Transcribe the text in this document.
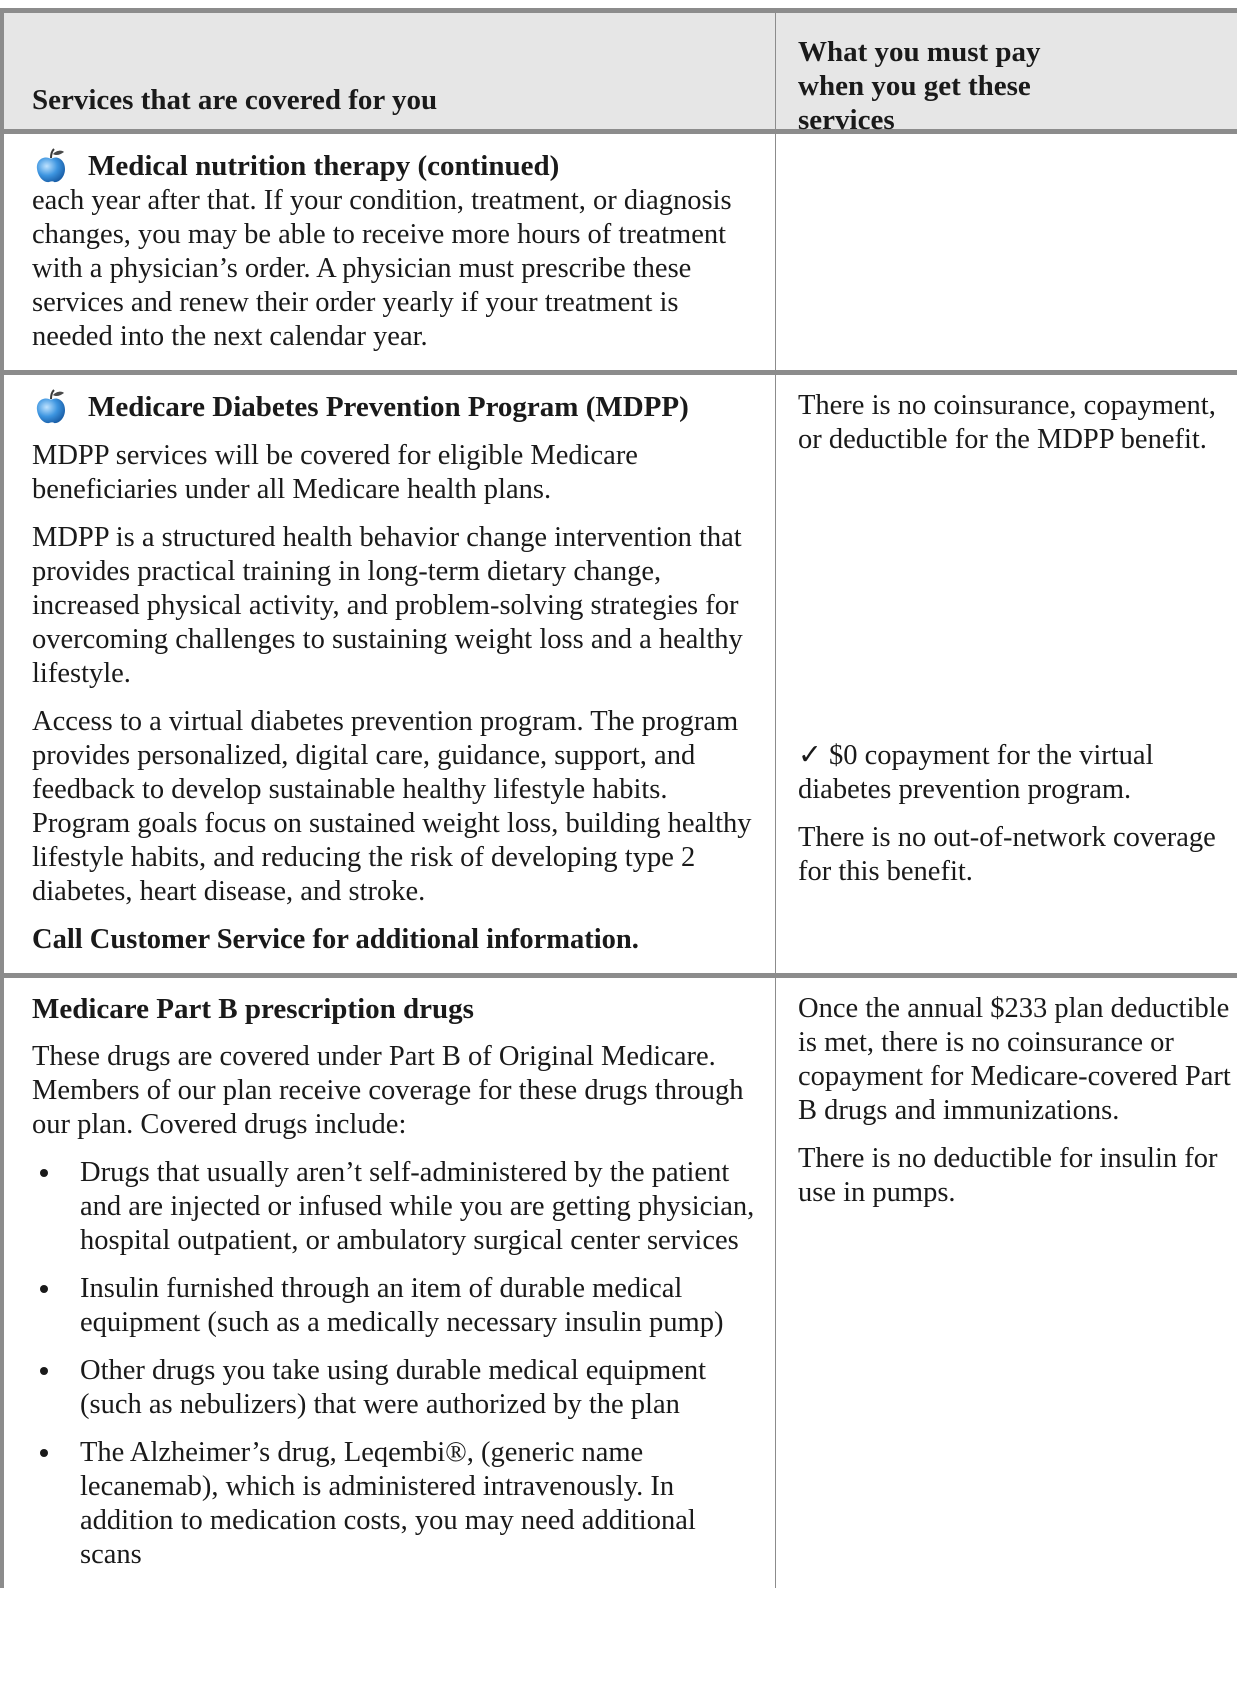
Services that are covered for you
What you must pay when you get these services
Medical nutrition therapy (continued)

each year after that. If your condition, treatment, or diagnosis changes, you may be able to receive more hours of treatment with a physician’s order. A physician must prescribe these services and renew their order yearly if your treatment is needed into the next calendar year.

Medicare Diabetes Prevention Program (MDPP)

MDPP services will be covered for eligible Medicare beneficiaries under all Medicare health plans.

MDPP is a structured health behavior change intervention that provides practical training in long-term dietary change, increased physical activity, and problem-solving strategies for overcoming challenges to sustaining weight loss and a healthy lifestyle.

Access to a virtual diabetes prevention program. The program provides personalized, digital care, guidance, support, and feedback to develop sustainable healthy lifestyle habits. Program goals focus on sustained weight loss, building healthy lifestyle habits, and reducing the risk of developing type 2 diabetes, heart disease, and stroke.

Call Customer Service for additional information.

There is no coinsurance, copayment, or deductible for the MDPP benefit.

✓ $0 copayment for the virtual diabetes prevention program.

There is no out-of-network coverage for this benefit.

Medicare Part B prescription drugs

These drugs are covered under Part B of Original Medicare. Members of our plan receive coverage for these drugs through our plan. Covered drugs include:

Drugs that usually aren’t self-administered by the patient and are injected or infused while you are getting physician, hospital outpatient, or ambulatory surgical center services
Insulin furnished through an item of durable medical equipment (such as a medically necessary insulin pump)
Other drugs you take using durable medical equipment (such as nebulizers) that were authorized by the plan
The Alzheimer’s drug, Leqembi®, (generic name lecanemab), which is administered intravenously. In addition to medication costs, you may need additional scans

Once the annual $233 plan deductible is met, there is no coinsurance or copayment for Medicare-covered Part B drugs and immunizations.

There is no deductible for insulin for use in pumps.
